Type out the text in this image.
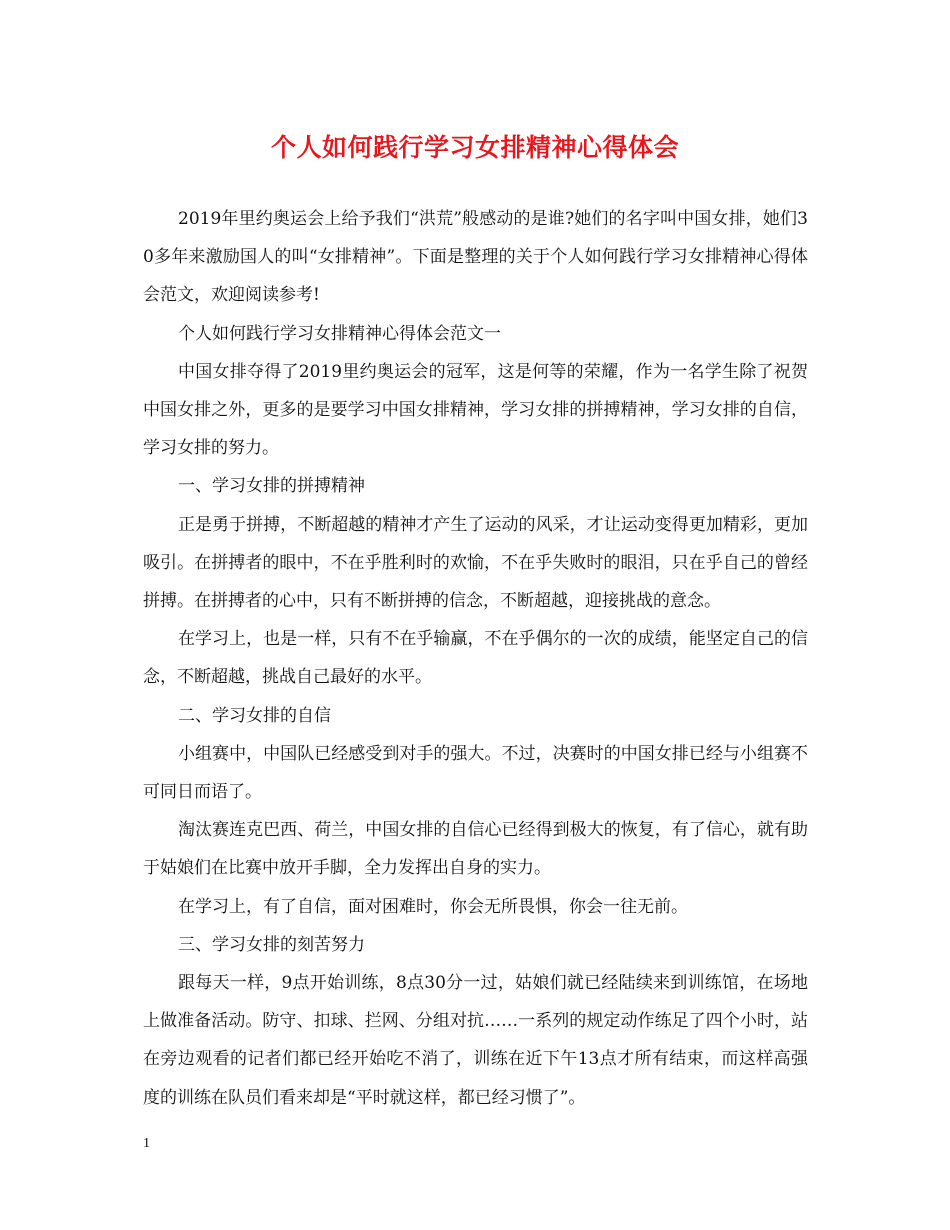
个人如何践行学习女排精神心得体会

2019年里约奥运会上给予我们“洪荒”般感动的是谁?她们的名字叫中国女排，她们30多年来激励国人的叫“女排精神”。下面是整理的关于个人如何践行学习女排精神心得体会范文，欢迎阅读参考!

个人如何践行学习女排精神心得体会范文一

中国女排夺得了2019里约奥运会的冠军，这是何等的荣耀，作为一名学生除了祝贺中国女排之外，更多的是要学习中国女排精神，学习女排的拼搏精神，学习女排的自信，学习女排的努力。

一、学习女排的拼搏精神

正是勇于拼搏，不断超越的精神才产生了运动的风采，才让运动变得更加精彩，更加吸引。在拼搏者的眼中，不在乎胜利时的欢愉，不在乎失败时的眼泪，只在乎自己的曾经拼搏。在拼搏者的心中，只有不断拼搏的信念，不断超越，迎接挑战的意念。

在学习上，也是一样，只有不在乎输赢，不在乎偶尔的一次的成绩，能坚定自己的信念，不断超越，挑战自己最好的水平。

二、学习女排的自信

小组赛中，中国队已经感受到对手的强大。不过，决赛时的中国女排已经与小组赛不可同日而语了。

淘汰赛连克巴西、荷兰，中国女排的自信心已经得到极大的恢复，有了信心，就有助于姑娘们在比赛中放开手脚，全力发挥出自身的实力。

在学习上，有了自信，面对困难时，你会无所畏惧，你会一往无前。

三、学习女排的刻苦努力

跟每天一样，9点开始训练，8点30分一过，姑娘们就已经陆续来到训练馆，在场地上做准备活动。防守、扣球、拦网、分组对抗……一系列的规定动作练足了四个小时，站在旁边观看的记者们都已经开始吃不消了，训练在近下午13点才所有结束，而这样高强度的训练在队员们看来却是“平时就这样，都已经习惯了”。

1
